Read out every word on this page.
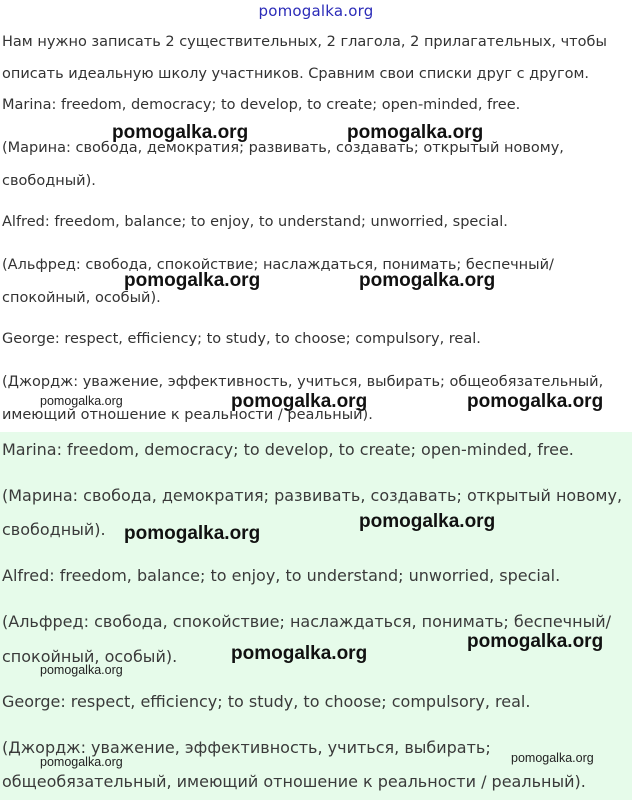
pomogalka.org

Нам нужно записать 2 существительных, 2 глагола, 2 прилагательных, чтобы

описать идеальную школу участников. Сравним свои списки друг с другом.

Marina: freedom, democracy; to develop, to create; open-minded, free.

(Марина: свобода, демократия; развивать, создавать; открытый новому,

свободный).

Alfred: freedom, balance; to enjoy, to understand; unworried, special.

(Альфред: свобода, спокойствие; наслаждаться, понимать; беспечный/

спокойный, особый).

George: respect, efficiency; to study, to choose; compulsory, real.

(Джордж: уважение, эффективность, учиться, выбирать; общеобязательный,

имеющий отношение к реальности / реальный).

Marina: freedom, democracy; to develop, to create; open-minded, free.

(Марина: свобода, демократия; развивать, создавать; открытый новому,

свободный).

Alfred: freedom, balance; to enjoy, to understand; unworried, special.

(Альфред: свобода, спокойствие; наслаждаться, понимать; беспечный/

спокойный, особый).

George: respect, efficiency; to study, to choose; compulsory, real.

(Джордж: уважение, эффективность, учиться, выбирать;

общеобязательный, имеющий отношение к реальности / реальный).

pomogalka.org	pomogalka.org
pomogalka.org	pomogalka.org
pomogalka.org	pomogalka.org	pomogalka.org
pomogalka.org
pomogalka.org
pomogalka.org
pomogalka.org
pomogalka.org
pomogalka.org
pomogalka.org
